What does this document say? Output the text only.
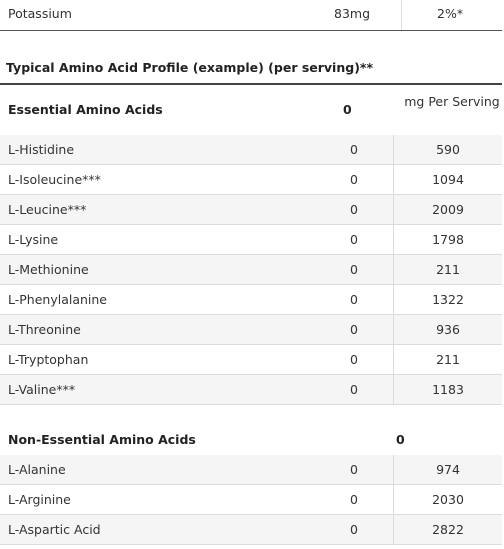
Potassium	83mg	2%*
Typical Amino Acid Profile (example) (per serving)**
Essential Amino Acids	0
mg Per Serving
L-Histidine	0	590
L-Isoleucine***	0	1094
L-Leucine***	0	2009
L-Lysine	0	1798
L-Methionine	0	211
L-Phenylalanine	0	1322
L-Threonine	0	936
L-Tryptophan	0	211
L-Valine***	0	1183
Non-Essential Amino Acids	0
L-Alanine	0	974
L-Arginine	0	2030
L-Aspartic Acid	0	2822
